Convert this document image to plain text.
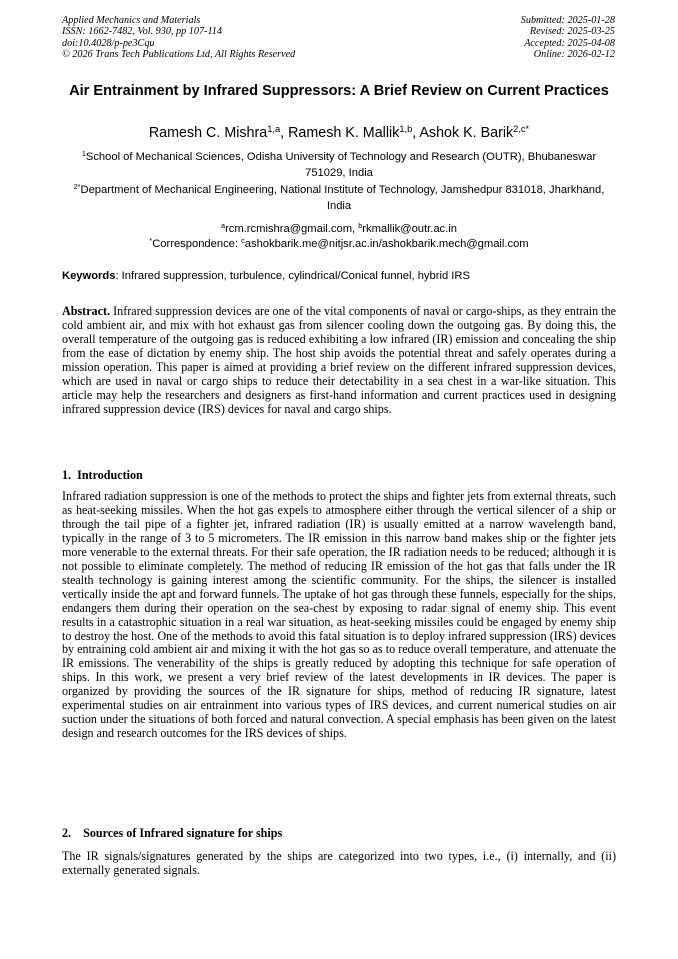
Applied Mechanics and Materials
ISSN: 1662-7482, Vol. 930, pp 107-114
doi:10.4028/p-pe3Cqu
© 2026 Trans Tech Publications Ltd, All Rights Reserved
Submitted: 2025-01-28
Revised: 2025-03-25
Accepted: 2025-04-08
Online: 2026-02-12
Air Entrainment by Infrared Suppressors: A Brief Review on Current Practices
Ramesh C. Mishra$^{1,a}$, Ramesh K. Mallik$^{1,b}$, Ashok K. Barik$^{2,c*}$
$^1$School of Mechanical Sciences, Odisha University of Technology and Research (OUTR), Bhubaneswar 751029, India
$^{2*}$Department of Mechanical Engineering, National Institute of Technology, Jamshedpur 831018, Jharkhand, India
$^a$rcm.rcmishra@gmail.com, $^b$rkmallik@outr.ac.in
*Correspondence: $^c$ashokbarik.me@nitjsr.ac.in/ashokbarik.mech@gmail.com
Keywords: Infrared suppression, turbulence, cylindrical/Conical funnel, hybrid IRS
Abstract. Infrared suppression devices are one of the vital components of naval or cargo-ships, as they entrain the cold ambient air, and mix with hot exhaust gas from silencer cooling down the outgoing gas. By doing this, the overall temperature of the outgoing gas is reduced exhibiting a low infrared (IR) emission and concealing the ship from the ease of dictation by enemy ship. The host ship avoids the potential threat and safely operates during a mission operation. This paper is aimed at providing a brief review on the different infrared suppression devices, which are used in naval or cargo ships to reduce their detectability in a sea chest in a war-like situation. This article may help the researchers and designers as first-hand information and current practices used in designing infrared suppression device (IRS) devices for naval and cargo ships.
1.  Introduction
Infrared radiation suppression is one of the methods to protect the ships and fighter jets from external threats, such as heat-seeking missiles. When the hot gas expels to atmosphere either through the vertical silencer of a ship or through the tail pipe of a fighter jet, infrared radiation (IR) is usually emitted at a narrow wavelength band, typically in the range of 3 to 5 micrometers. The IR emission in this narrow band makes ship or the fighter jets more venerable to the external threats. For their safe operation, the IR radiation needs to be reduced; although it is not possible to eliminate completely. The method of reducing IR emission of the hot gas that falls under the IR stealth technology is gaining interest among the scientific community. For the ships, the silencer is installed vertically inside the apt and forward funnels. The uptake of hot gas through these funnels, especially for the ships, endangers them during their operation on the sea-chest by exposing to radar signal of enemy ship. This event results in a catastrophic situation in a real war situation, as heat-seeking missiles could be engaged by enemy ship to destroy the host. One of the methods to avoid this fatal situation is to deploy infrared suppression (IRS) devices by entraining cold ambient air and mixing it with the hot gas so as to reduce overall temperature, and attenuate the IR emissions. The venerability of the ships is greatly reduced by adopting this technique for safe operation of ships. In this work, we present a very brief review of the latest developments in IR devices. The paper is organized by providing the sources of the IR signature for ships, method of reducing IR signature, latest experimental studies on air entrainment into various types of IRS devices, and current numerical studies on air suction under the situations of both forced and natural convection. A special emphasis has been given on the latest design and research outcomes for the IRS devices of ships.
2.    Sources of Infrared signature for ships
The IR signals/signatures generated by the ships are categorized into two types, i.e., (i) internally, and (ii) externally generated signals.
